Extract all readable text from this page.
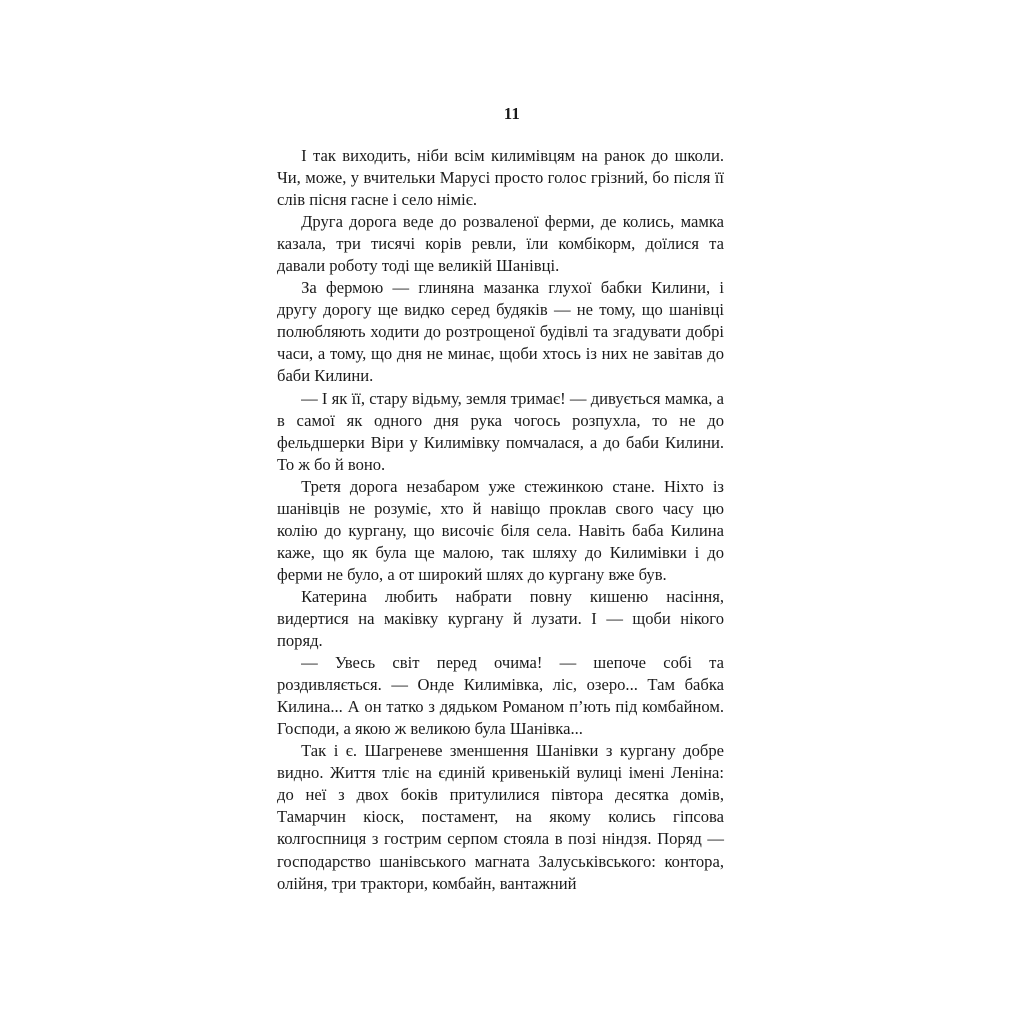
11

І так виходить, ніби всім килимівцям на ранок до школи. Чи, може, у вчительки Марусі просто голос грізний, бо після її слів пісня гасне і село німіє.

Друга дорога веде до розваленої ферми, де колись, мамка казала, три тисячі корів ревли, їли комбікорм, доїлися та давали роботу тоді ще великій Шанівці.

За фермою — глиняна мазанка глухої бабки Килини, і другу дорогу ще видко серед будяків — не тому, що шанівці полюбляють ходити до розтрощеної будівлі та згадувати добрі часи, а тому, що дня не минає, щоби хтось із них не завітав до баби Килини.

— І як її, стару відьму, земля тримає! — дивується мамка, а в самої як одного дня рука чогось розпухла, то не до фельдшерки Віри у Килимівку помчалася, а до баби Килини. То ж бо й воно.

Третя дорога незабаром уже стежинкою стане. Ніхто із шанівців не розуміє, хто й навіщо проклав свого часу цю колію до кургану, що височіє біля села. Навіть баба Килина каже, що як була ще малою, так шляху до Килимівки і до ферми не було, а от широкий шлях до кургану вже був.

Катерина любить набрати повну кишеню насіння, видертися на маківку кургану й лузати. І — щоби нікого поряд.

— Увесь світ перед очима! — шепоче собі та роздивляється. — Онде Килимівка, ліс, озеро... Там бабка Килина... А он татко з дядьком Романом п’ють під комбайном. Господи, а якою ж великою була Шанівка...

Так і є. Шагреневе зменшення Шанівки з кургану добре видно. Життя тліє на єдиній кривенькій вулиці імені Леніна: до неї з двох боків притулилися півтора десятка домів, Тамарчин кіоск, постамент, на якому колись гіпсова колгоспниця з гострим серпом стояла в позі ніндзя. Поряд — господарство шанівського магната Залуськівського: контора, олійня, три трактори, комбайн, вантажний
